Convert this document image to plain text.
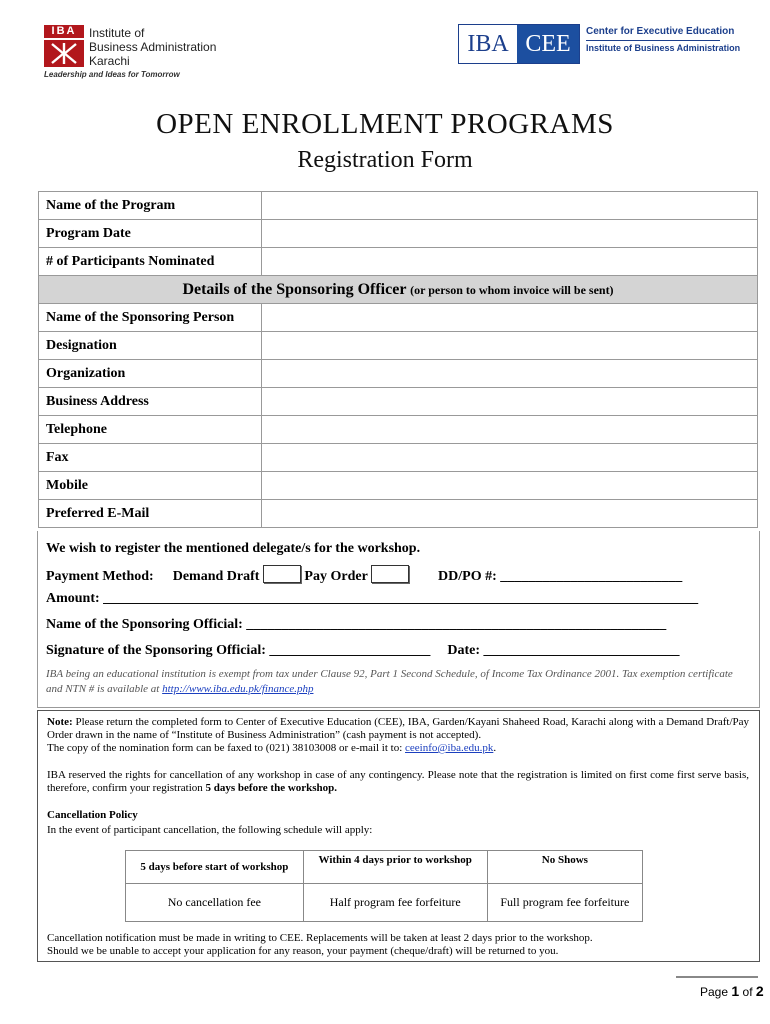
IBA	Institute of
Business Administration
Karachi
Leadership and Ideas for Tomorrow
IBA CEE	Center for Executive Education
Institute of Business Administration
OPEN ENROLLMENT PROGRAMS
Registration Form
Name of the Program	
Program Date	
# of Participants Nominated	
Details of the Sponsoring Officer (or person to whom invoice will be sent)	
Name of the Sponsoring Person	
Designation	
Organization	
Business Address	
Telephone	
Fax	
Mobile	
Preferred E-Mail	
We wish to register the mentioned delegate/s for the workshop.
Payment Method: Demand Draft	Pay Order	DD/PO #: __________________________
Amount: _____________________________________________________________________________________
Name of the Sponsoring Official: ____________________________________________________________
Signature of the Sponsoring Official: _______________________ Date: ____________________________
IBA being an educational institution is exempt from tax under Clause 92, Part 1 Second Schedule, of Income Tax Ordinance 2001. Tax exemption certificate and NTN # is available at http://www.iba.edu.pk/finance.php
Note: Please return the completed form to Center of Executive Education (CEE), IBA, Garden/Kayani Shaheed Road, Karachi along with a Demand Draft/Pay Order drawn in the name of “Institute of Business Administration” (cash payment is not accepted).
The copy of the nomination form can be faxed to (021) 38103008 or e-mail it to: ceeinfo@iba.edu.pk.
IBA reserved the rights for cancellation of any workshop in case of any contingency. Please note that the registration is limited on first come first serve basis, therefore, confirm your registration 5 days before the workshop.
Cancellation Policy
In the event of participant cancellation, the following schedule will apply:
5 days before start of workshop	Within 4 days prior to workshop	No Shows
No cancellation fee	Half program fee forfeiture	Full program fee forfeiture
Cancellation notification must be made in writing to CEE. Replacements will be taken at least 2 days prior to the workshop.
Should we be unable to accept your application for any reason, your payment (cheque/draft) will be returned to you.
Page 1 of 2
